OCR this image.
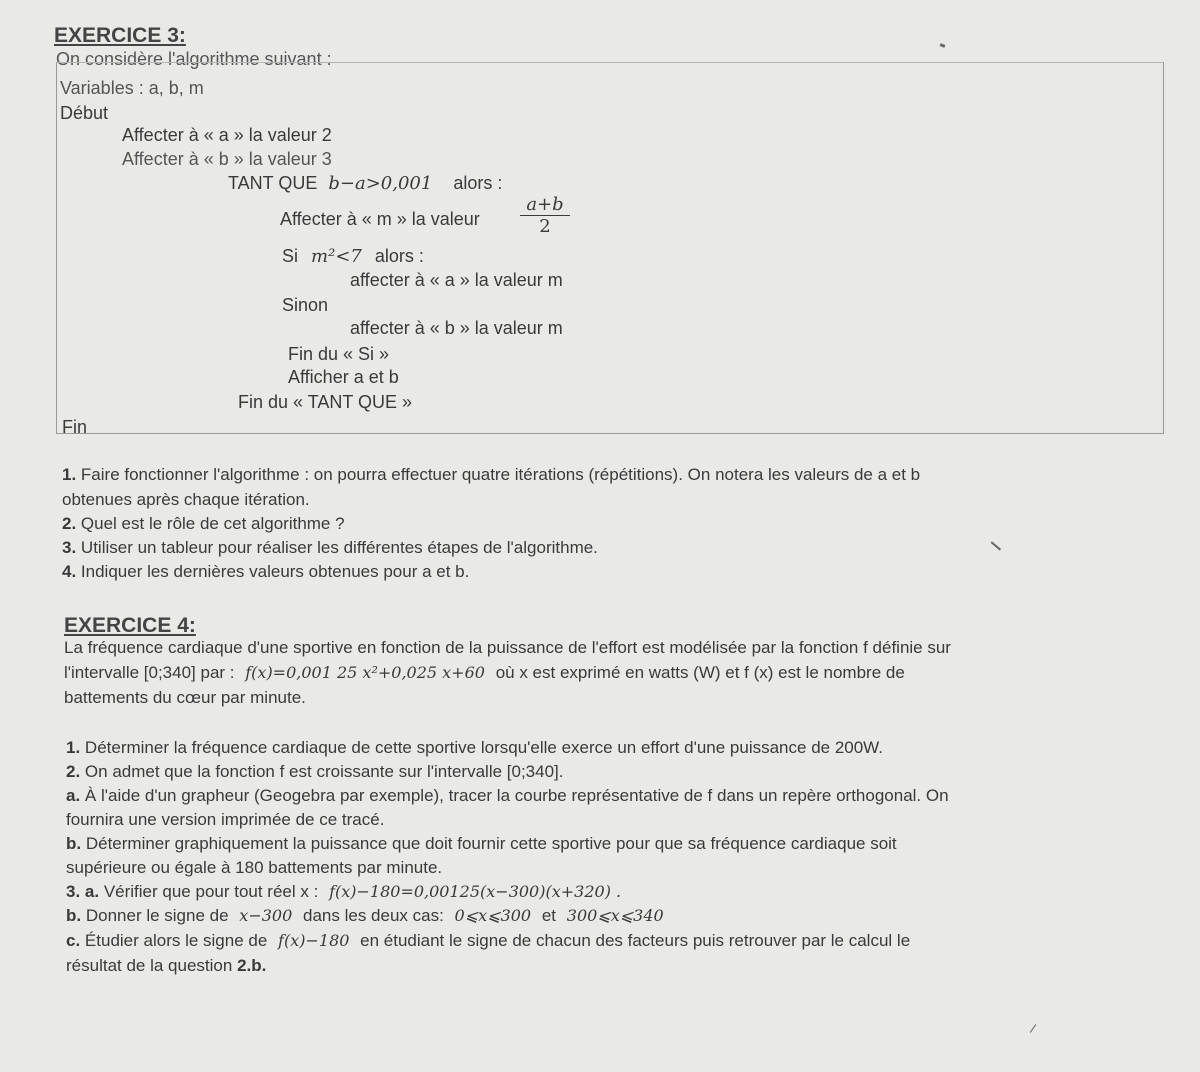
EXERCICE 3:
On considère l'algorithme suivant :
Variables : a, b, m
Début
Affecter à « a » la valeur 2
Affecter à « b » la valeur 3
TANT QUE b−a>0,001 alors :
Affecter à « m » la valeur $\frac{a+b}{2}$
Si m²<7 alors :
affecter à « a » la valeur m
Sinon
affecter à « b » la valeur m
Fin du « Si »
Afficher a et b
Fin du « TANT QUE »
Fin
1. Faire fonctionner l'algorithme : on pourra effectuer quatre itérations (répétitions). On notera les valeurs de a et b
obtenues après chaque itération.
2. Quel est le rôle de cet algorithme ?
3. Utiliser un tableur pour réaliser les différentes étapes de l'algorithme.
4. Indiquer les dernières valeurs obtenues pour a et b.
EXERCICE 4:
La fréquence cardiaque d'une sportive en fonction de la puissance de l'effort est modélisée par la fonction f définie sur
l'intervalle [0;340] par : f(x)=0,001 25 x²+0,025 x+60 où x est exprimé en watts (W) et f (x) est le nombre de
battements du cœur par minute.
1. Déterminer la fréquence cardiaque de cette sportive lorsqu'elle exerce un effort d'une puissance de 200W.
2. On admet que la fonction f est croissante sur l'intervalle [0;340].
a. À l'aide d'un grapheur (Geogebra par exemple), tracer la courbe représentative de f dans un repère orthogonal. On
fournira une version imprimée de ce tracé.
b. Déterminer graphiquement la puissance que doit fournir cette sportive pour que sa fréquence cardiaque soit
supérieure ou égale à 180 battements par minute.
3. a. Vérifier que pour tout réel x : f(x)−180=0,00125(x−300)(x+320) .
b. Donner le signe de x−300 dans les deux cas: 0⩽x⩽300 et 300⩽x⩽340
c. Étudier alors le signe de f(x)−180 en étudiant le signe de chacun des facteurs puis retrouver par le calcul le
résultat de la question 2.b.
